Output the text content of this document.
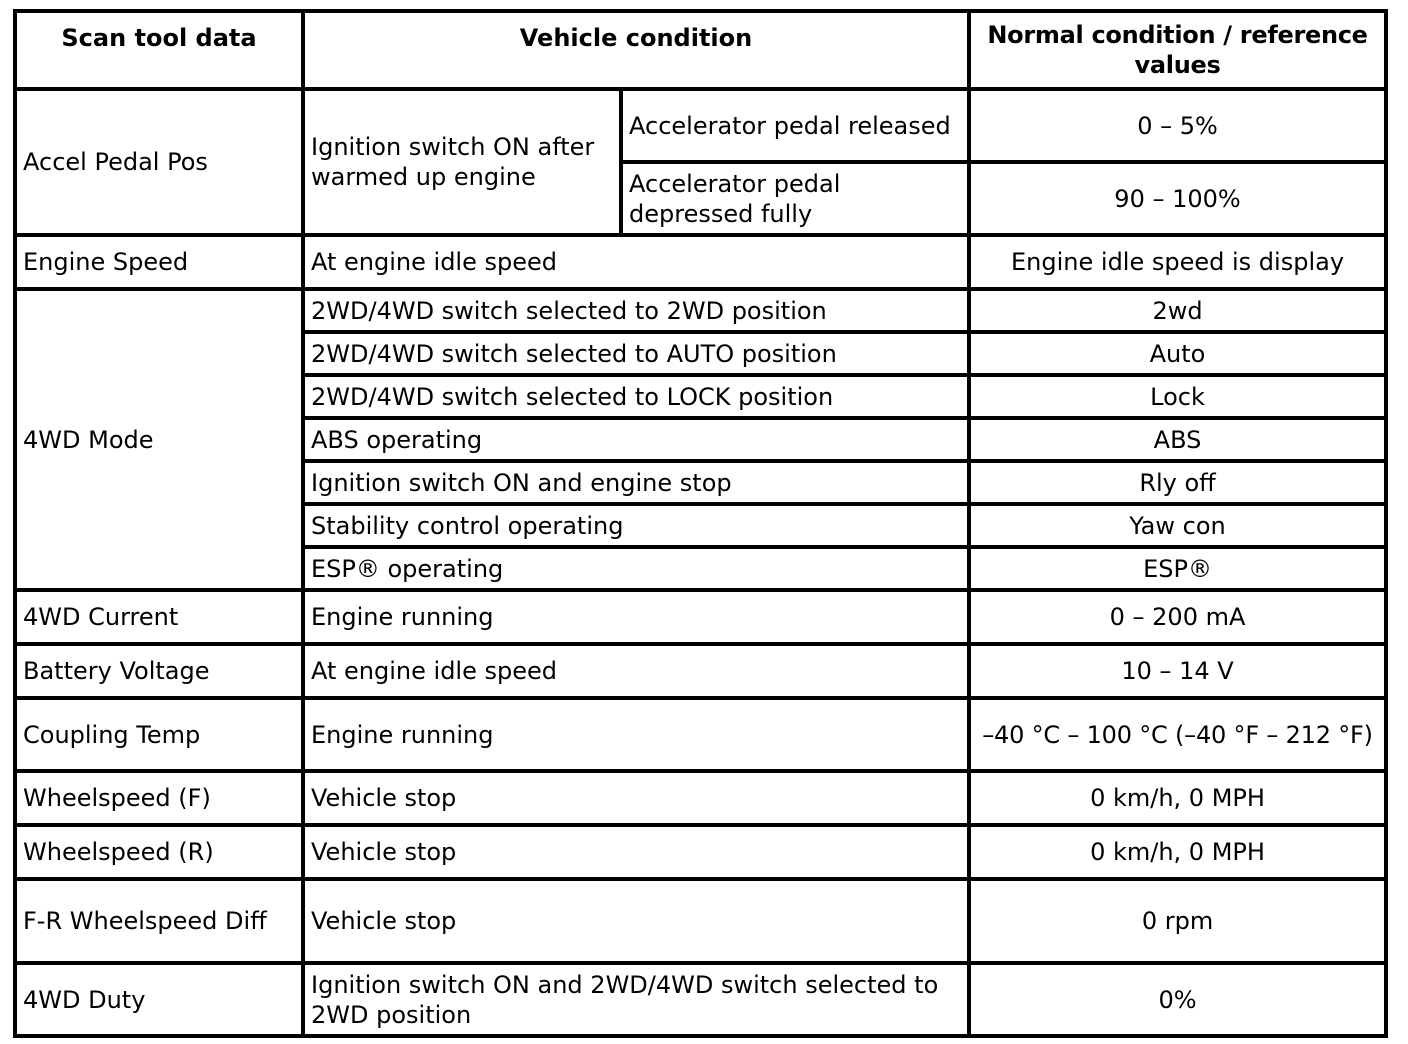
Scan tool data	Vehicle condition		Normal condition / reference values
Accel Pedal Pos	Ignition switch ON after warmed up engine	Accelerator pedal released	0 – 5%
		Accelerator pedal depressed fully	90 – 100%
Engine Speed	At engine idle speed		Engine idle speed is display
4WD Mode	2WD/4WD switch selected to 2WD position		2wd
	2WD/4WD switch selected to AUTO position		Auto
	2WD/4WD switch selected to LOCK position		Lock
	ABS operating		ABS
	Ignition switch ON and engine stop		Rly off
	Stability control operating		Yaw con
	ESP® operating		ESP®
4WD Current	Engine running		0 – 200 mA
Battery Voltage	At engine idle speed		10 – 14 V
Coupling Temp	Engine running		–40 °C – 100 °C (–40 °F – 212 °F)
Wheelspeed (F)	Vehicle stop		0 km/h, 0 MPH
Wheelspeed (R)	Vehicle stop		0 km/h, 0 MPH
F-R Wheelspeed Diff	Vehicle stop		0 rpm
4WD Duty	Ignition switch ON and 2WD/4WD switch selected to 2WD position		0%
